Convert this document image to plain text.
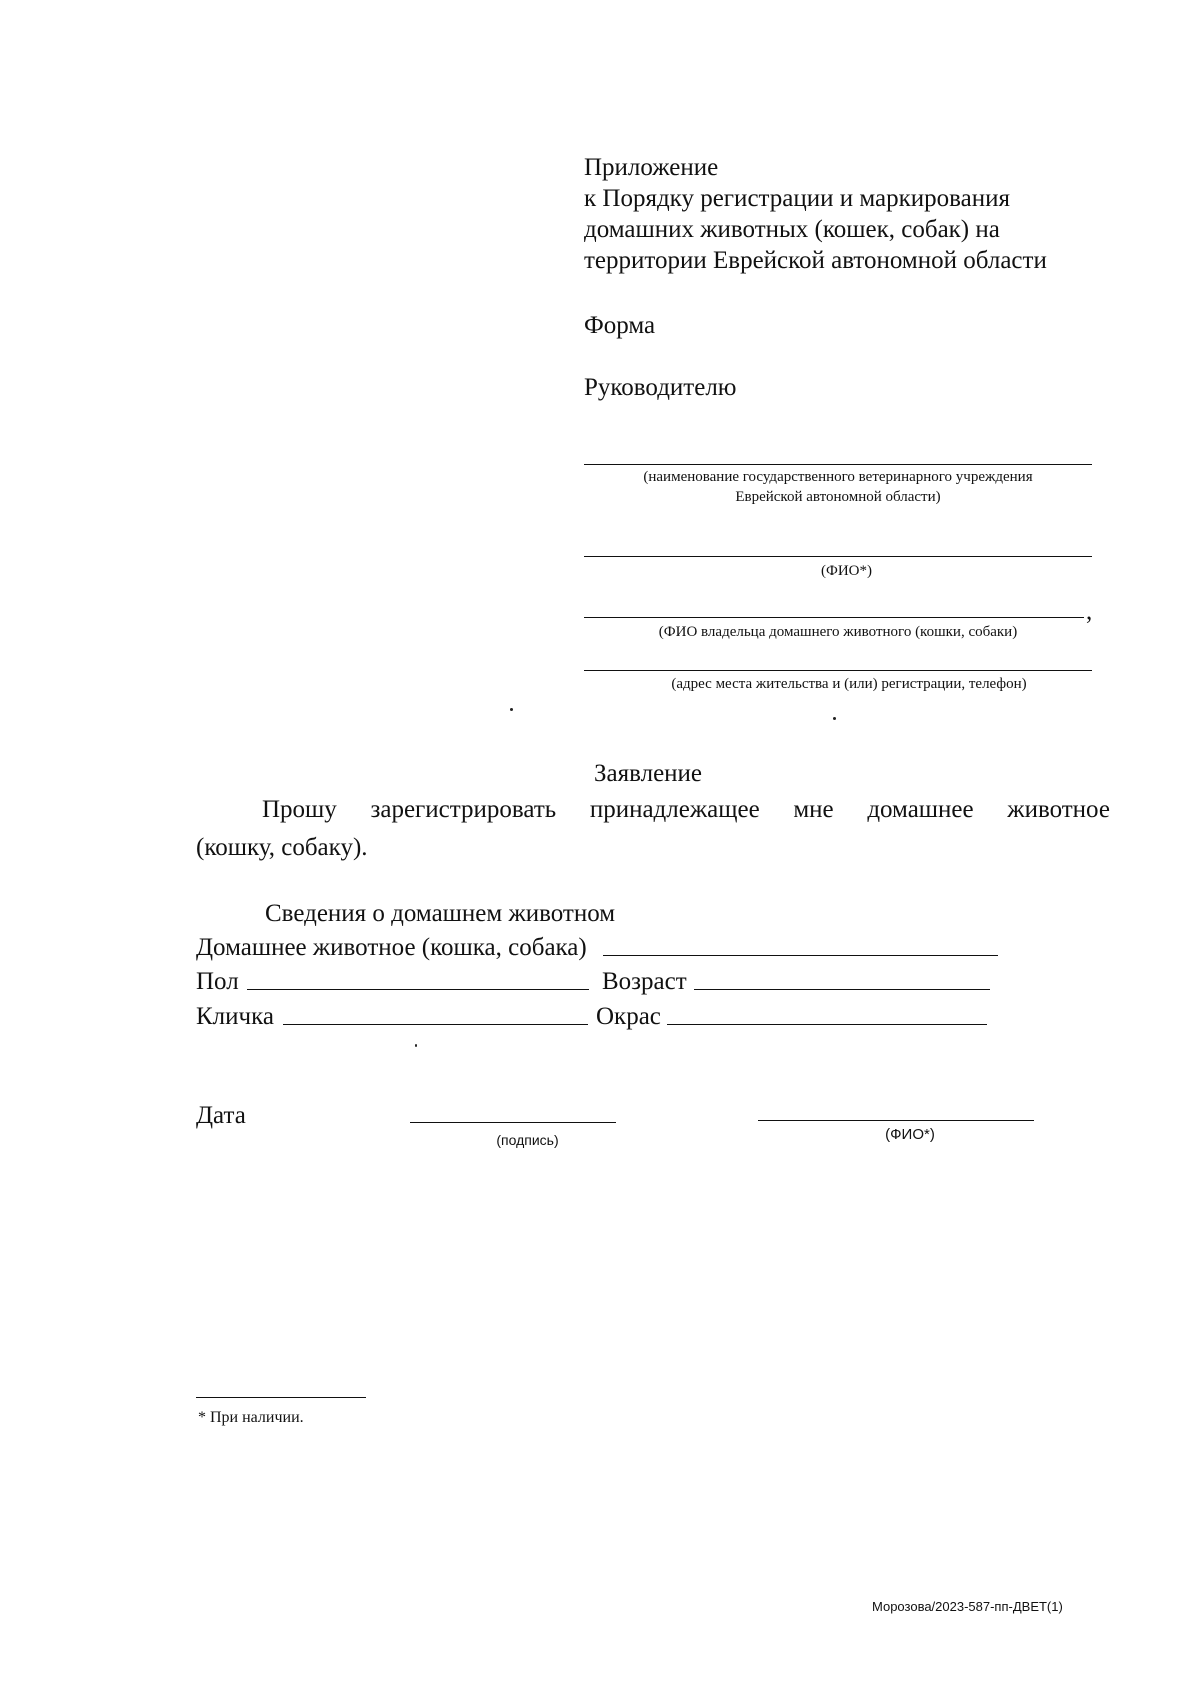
Приложение
к Порядку регистрации и маркирования
домашних животных (кошек, собак) на
территории Еврейской автономной области
Форма
Руководителю
(наименование государственного ветеринарного учреждения
Еврейской автономной области)
(ФИО*)
,
(ФИО владельца домашнего животного (кошки, собаки)
(адрес места жительства и (или) регистрации, телефон)
Заявление
Прошу зарегистрировать принадлежащее мне домашнее животное
(кошку, собаку).
Сведения о домашнем животном
Домашнее животное (кошка, собака)
Пол	Возраст
Кличка	Окрас
Дата
(подпись)	(ФИО*)
* При наличии.
Морозова/2023-587-пп-ДВЕТ(1)
